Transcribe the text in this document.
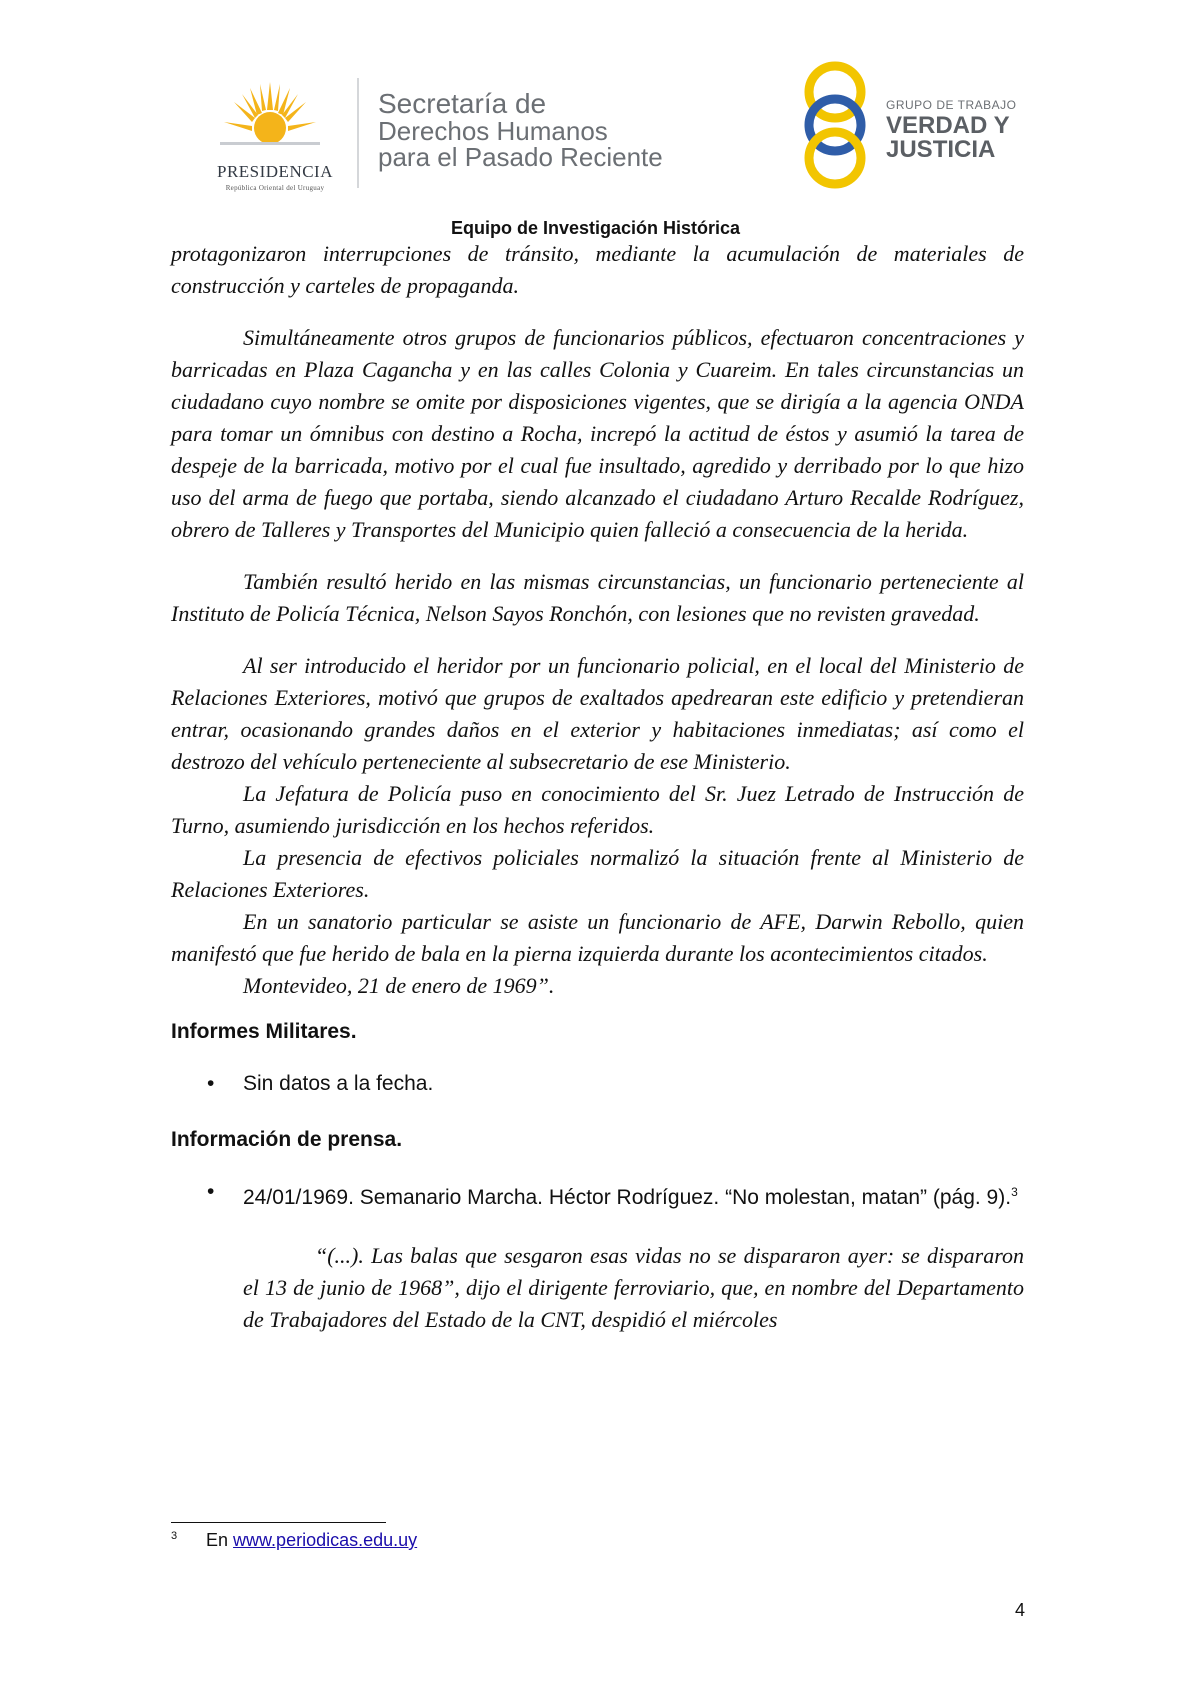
PRESIDENCIA
República Oriental del Uruguay
Secretaría de
Derechos Humanos
para el Pasado Reciente
GRUPO DE TRABAJO
VERDAD Y
JUSTICIA
Equipo de Investigación Histórica

protagonizaron interrupciones de tránsito, mediante la acumulación de materiales de construcción y carteles de propaganda.

Simultáneamente otros grupos de funcionarios públicos, efectuaron concentraciones y barricadas en Plaza Cagancha y en las calles Colonia y Cuareim. En tales circunstancias un ciudadano cuyo nombre se omite por disposiciones vigentes, que se dirigía a la agencia ONDA para tomar un ómnibus con destino a Rocha, increpó la actitud de éstos y asumió la tarea de despeje de la barricada, motivo por el cual fue insultado, agredido y derribado por lo que hizo uso del arma de fuego que portaba, siendo alcanzado el ciudadano Arturo Recalde Rodríguez, obrero de Talleres y Transportes del Municipio quien falleció a consecuencia de la herida.

También resultó herido en las mismas circunstancias, un funcionario perteneciente al Instituto de Policía Técnica, Nelson Sayos Ronchón, con lesiones que no revisten gravedad.

Al ser introducido el heridor por un funcionario policial, en el local del Ministerio de Relaciones Exteriores, motivó que grupos de exaltados apedrearan este edificio y pretendieran entrar, ocasionando grandes daños en el exterior y habitaciones inmediatas; así como el destrozo del vehículo perteneciente al subsecretario de ese Ministerio.

La Jefatura de Policía puso en conocimiento del Sr. Juez Letrado de Instrucción de Turno, asumiendo jurisdicción en los hechos referidos.

La presencia de efectivos policiales normalizó la situación frente al Ministerio de Relaciones Exteriores.

En un sanatorio particular se asiste un funcionario de AFE, Darwin Rebollo, quien manifestó que fue herido de bala en la pierna izquierda durante los acontecimientos citados.

Montevideo, 21 de enero de 1969”.

Informes Militares.

• Sin datos a la fecha.

Información de prensa.

• 24/01/1969. Semanario Marcha. Héctor Rodríguez. “No molestan, matan” (pág. 9).$^3$

“(...). Las balas que sesgaron esas vidas no se dispararon ayer: se dispararon el 13 de junio de 1968”, dijo el dirigente ferroviario, que, en nombre del Departamento de Trabajadores del Estado de la CNT, despidió el miércoles

3 En www.periodicas.edu.uy
4
